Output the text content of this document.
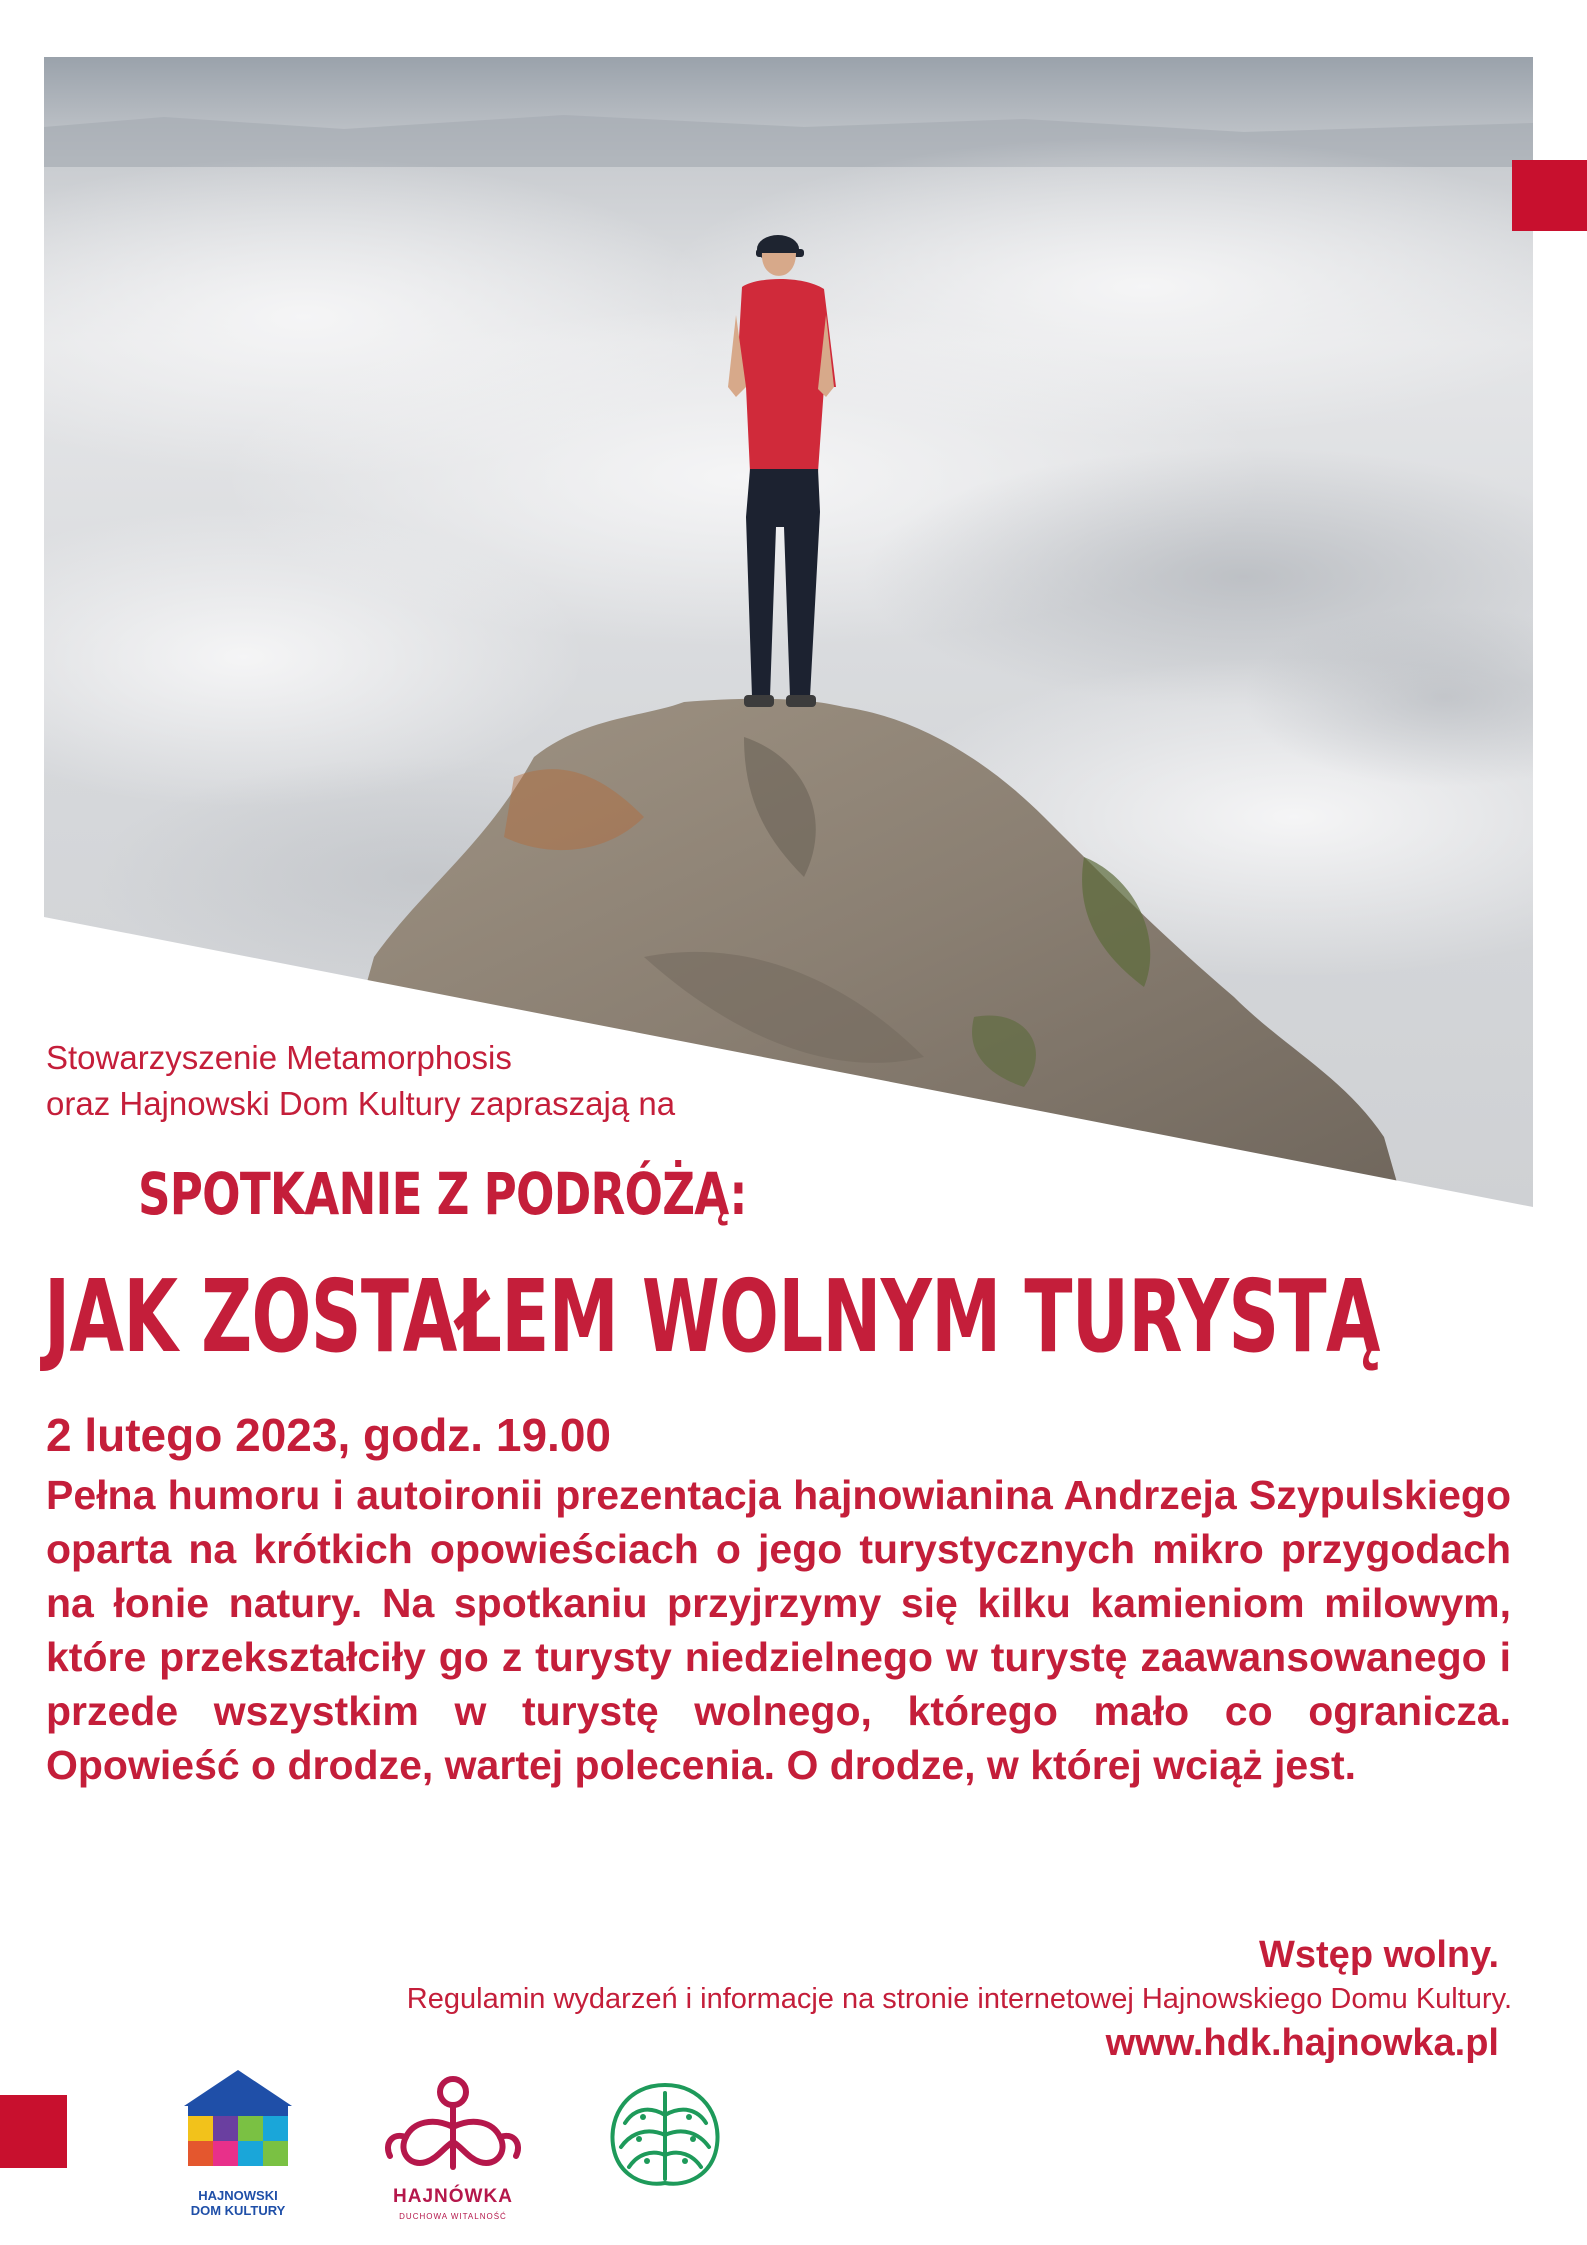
Stowarzyszenie Metamorphosis
oraz Hajnowski Dom Kultury zapraszają na
SPOTKANIE Z PODRÓŻĄ:
JAK ZOSTAŁEM WOLNYM TURYSTĄ
2 lutego 2023, godz. 19.00
Pełna humoru i autoironii prezentacja hajnowianina Andrzeja Szypulskiego oparta na krótkich opowieściach o jego turystycznych mikro przygodach na łonie natury. Na spotkaniu przyjrzymy się kilku kamieniom milowym, które przekształciły go z turysty niedzielnego w turystę zaawansowanego i przede wszystkim w turystę wolnego, którego mało co ogranicza. Opowieść o drodze, wartej polecenia. O drodze, w której wciąż jest.
Wstęp wolny.
Regulamin wydarzeń i informacje na stronie internetowej Hajnowskiego Domu Kultury.
www.hdk.hajnowka.pl
HAJNOWSKI
DOM KULTURY
HAJNÓWKA
DUCHOWA WITALNOŚĆ
